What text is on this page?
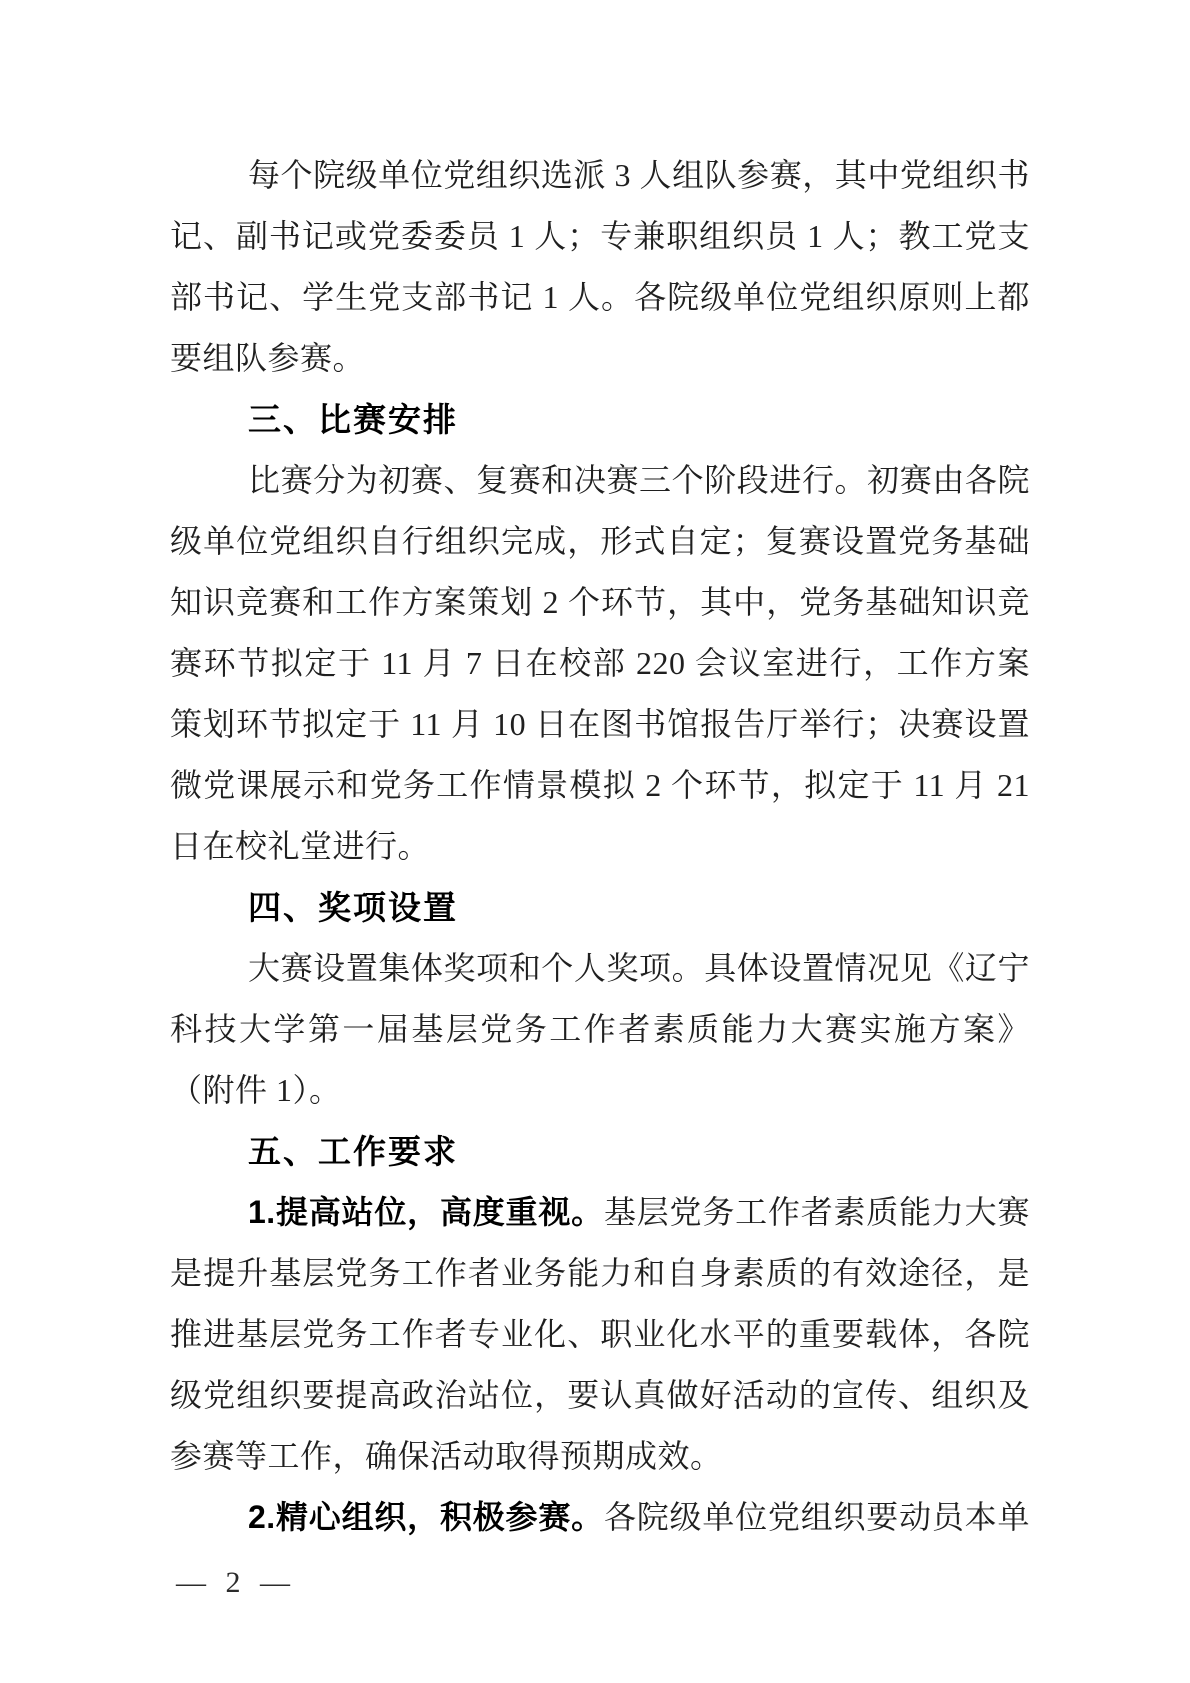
每个院级单位党组织选派 3 人组队参赛，其中党组织书
记、副书记或党委委员 1 人；专兼职组织员 1 人；教工党支
部书记、学生党支部书记 1 人。各院级单位党组织原则上都
要组队参赛。
三、比赛安排
比赛分为初赛、复赛和决赛三个阶段进行。初赛由各院
级单位党组织自行组织完成，形式自定；复赛设置党务基础
知识竞赛和工作方案策划 2 个环节，其中，党务基础知识竞
赛环节拟定于 11 月 7 日在校部 220 会议室进行，工作方案
策划环节拟定于 11 月 10 日在图书馆报告厅举行；决赛设置
微党课展示和党务工作情景模拟 2 个环节，拟定于 11 月 21
日在校礼堂进行。
四、奖项设置
大赛设置集体奖项和个人奖项。具体设置情况见《辽宁
科技大学第一届基层党务工作者素质能力大赛实施方案》
（附件 1）。
五、工作要求
1.提高站位，高度重视。基层党务工作者素质能力大赛
是提升基层党务工作者业务能力和自身素质的有效途径，是
推进基层党务工作者专业化、职业化水平的重要载体，各院
级党组织要提高政治站位，要认真做好活动的宣传、组织及
参赛等工作，确保活动取得预期成效。
2.精心组织，积极参赛。各院级单位党组织要动员本单
— 2 —
